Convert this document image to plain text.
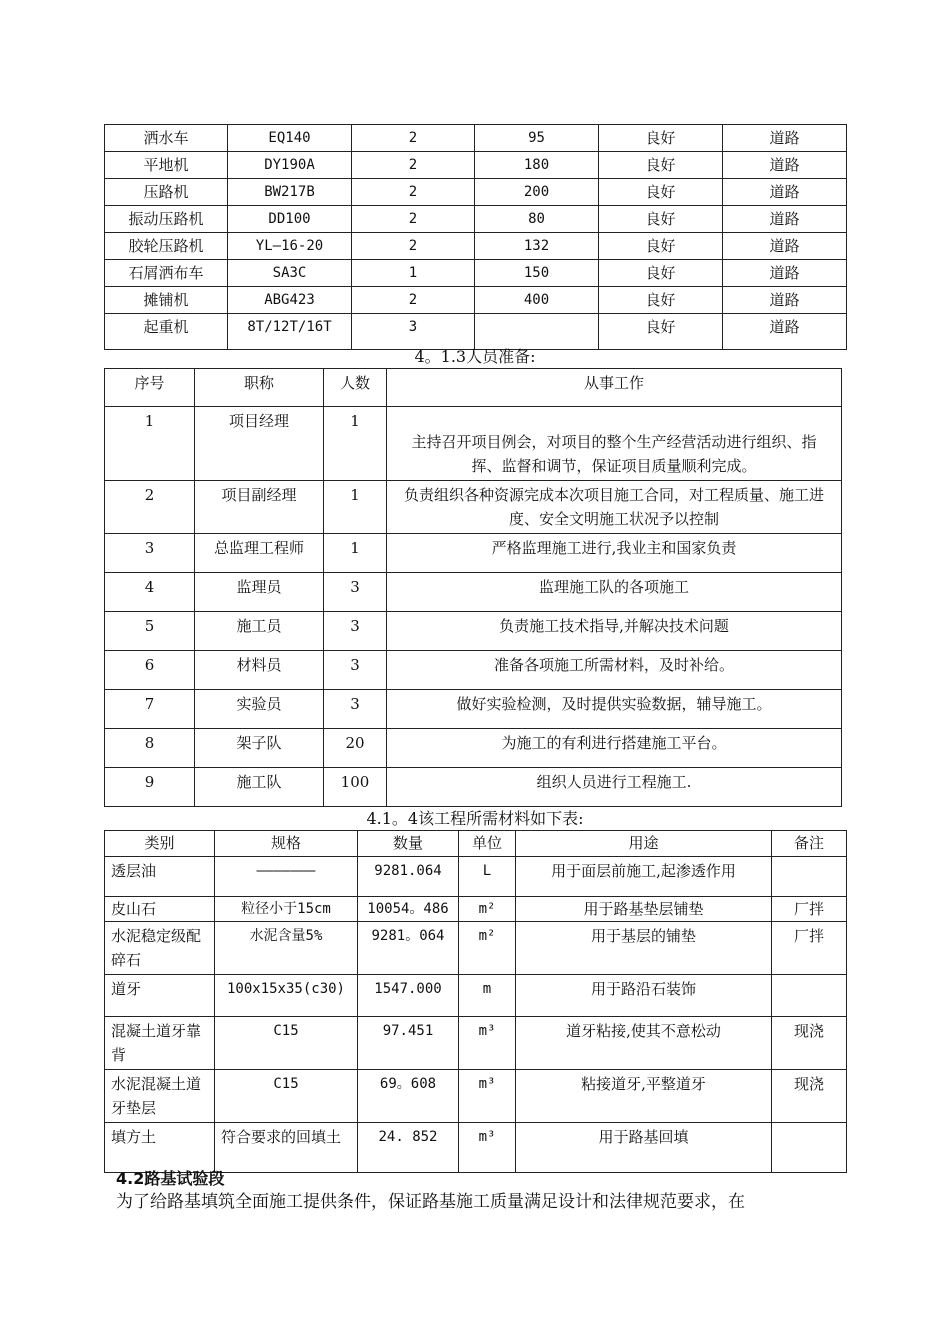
洒水车	EQ140	2	95	良好	道路
平地机	DY190A	2	180	良好	道路
压路机	BW217B	2	200	良好	道路
振动压路机	DD100	2	80	良好	道路
胶轮压路机	YL—16-20	2	132	良好	道路
石屑洒布车	SA3C	1	150	良好	道路
摊铺机	ABG423	2	400	良好	道路
起重机	8T/12T/16T	3		良好	道路
4。1.3人员准备:
序号	职称	人数	从事工作
1	项目经理	1	主持召开项目例会，对项目的整个生产经营活动进行组织、指挥、监督和调节，保证项目质量顺利完成。
2	项目副经理	1	负责组织各种资源完成本次项目施工合同，对工程质量、施工进度、安全文明施工状况予以控制
3	总监理工程师	1	严格监理施工进行,我业主和国家负责
4	监理员	3	监理施工队的各项施工
5	施工员	3	负责施工技术指导,并解决技术问题
6	材料员	3	准备各项施工所需材料，及时补给。
7	实验员	3	做好实验检测，及时提供实验数据，辅导施工。
8	架子队	20	为施工的有利进行搭建施工平台。
9	施工队	100	组织人员进行工程施工.
4.1。4该工程所需材料如下表:
类别	规格	数量	单位	用途	备注
透层油	———————	9281.064	L	用于面层前施工,起渗透作用	
皮山石	粒径小于15cm	10054。486	m²	用于路基垫层铺垫	厂拌
水泥稳定级配碎石	水泥含量5%	9281。064	m²	用于基层的铺垫	厂拌
道牙	100x15x35(c30)	1547.000	m	用于路沿石装饰	
混凝土道牙靠背	C15	97.451	m³	道牙粘接,使其不意松动	现浇
水泥混凝土道牙垫层	C15	69。608	m³	粘接道牙,平整道牙	现浇
填方土	符合要求的回填土	24. 852	m³	用于路基回填	
4.2路基试验段
为了给路基填筑全面施工提供条件，保证路基施工质量满足设计和法律规范要求，在
